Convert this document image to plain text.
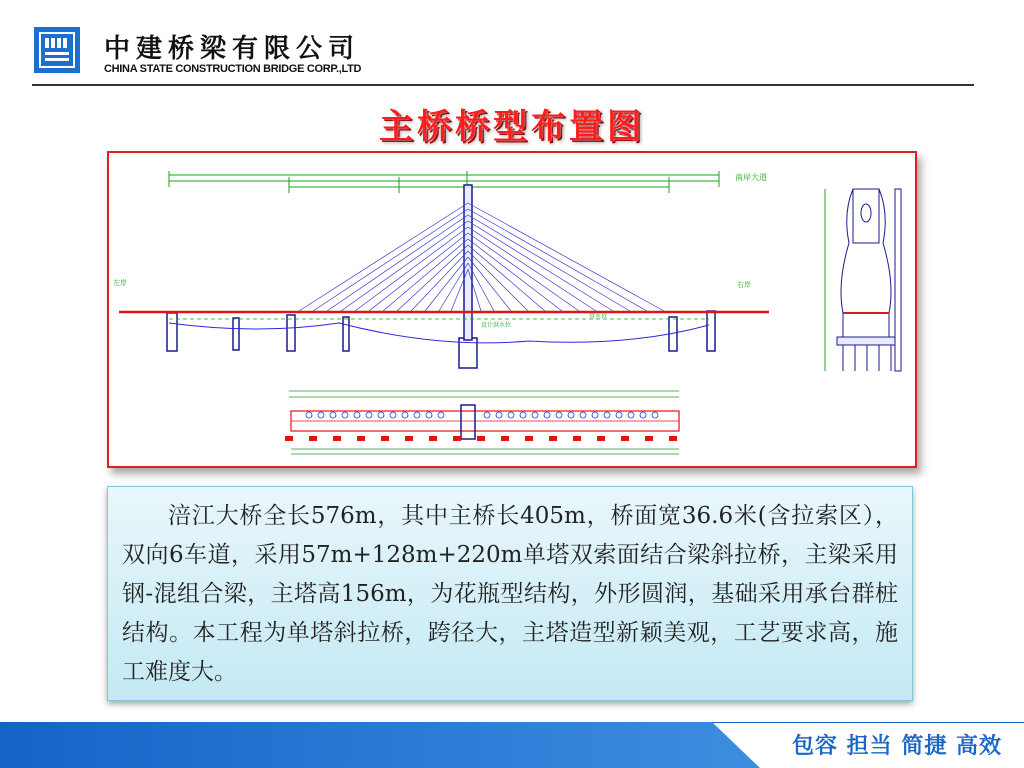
中建桥梁有限公司
CHINA STATE CONSTRUCTION BRIDGE CORP.,LTD
主桥桥型布置图
南岸大道
左岸	右岸
设计洪水位
常水位

涪江大桥全长576m，其中主桥长405m，桥面宽36.6米(含拉索区），双向6车道，采用57m+128m+220m单塔双索面结合梁斜拉桥，主梁采用钢-混组合梁，主塔高156m，为花瓶型结构，外形圆润，基础采用承台群桩结构。本工程为单塔斜拉桥，跨径大，主塔造型新颖美观，工艺要求高，施工难度大。

包容 担当 简捷 高效
